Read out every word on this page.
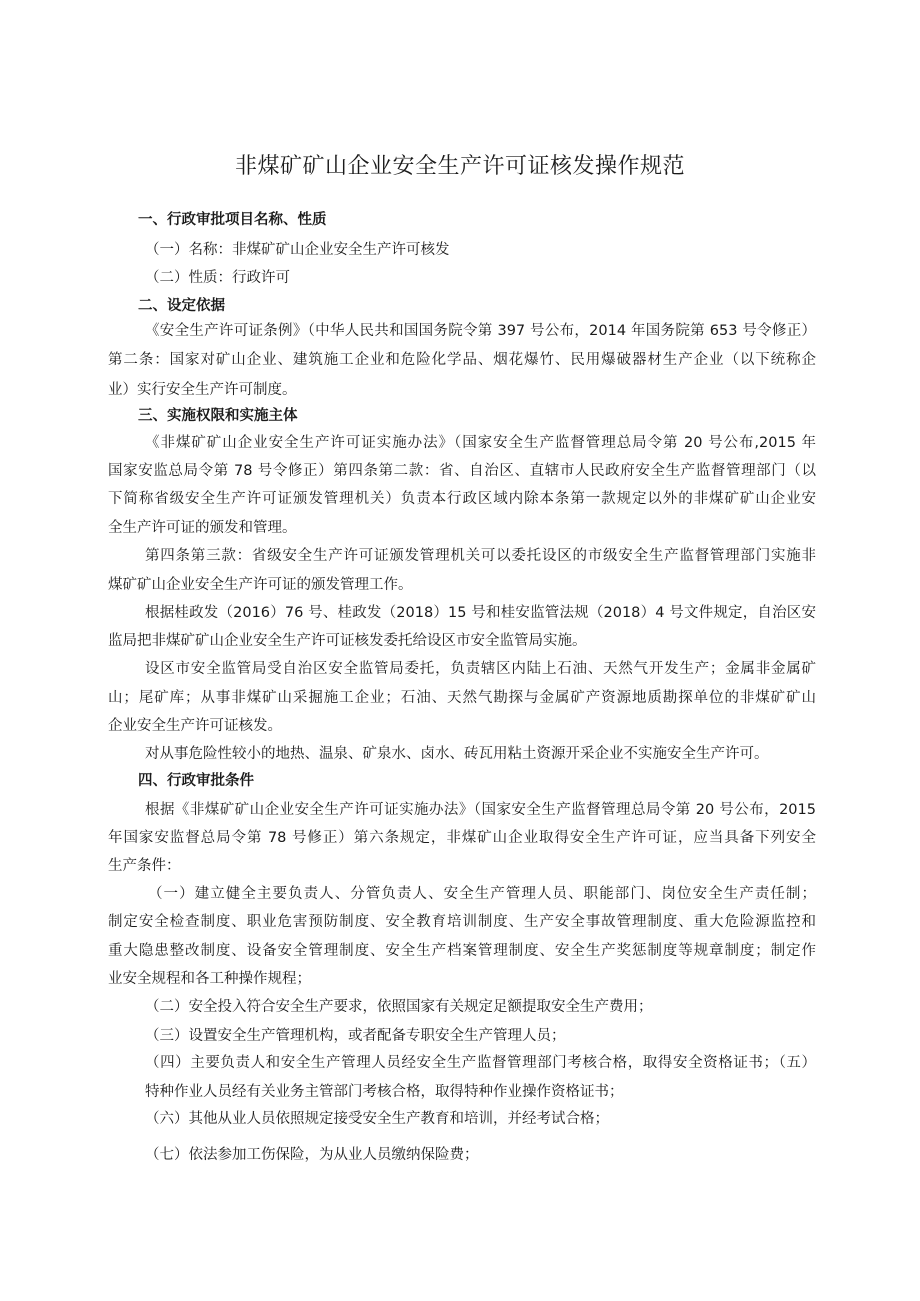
非煤矿矿山企业安全生产许可证核发操作规范

一、行政审批项目名称、性质

（一）名称：非煤矿矿山企业安全生产许可核发

（二）性质：行政许可

二、设定依据

《安全生产许可证条例》（中华人民共和国国务院令第 397 号公布，2014 年国务院第 653 号令修正）

第二条：国家对矿山企业、建筑施工企业和危险化学品、烟花爆竹、民用爆破器材生产企业（以下统称企

业）实行安全生产许可制度。

三、实施权限和实施主体

《非煤矿矿山企业安全生产许可证实施办法》（国家安全生产监督管理总局令第 20 号公布,2015 年

国家安监总局令第 78 号令修正）第四条第二款：省、自治区、直辖市人民政府安全生产监督管理部门（以

下简称省级安全生产许可证颁发管理机关）负责本行政区域内除本条第一款规定以外的非煤矿矿山企业安

全生产许可证的颁发和管理。

第四条第三款：省级安全生产许可证颁发管理机关可以委托设区的市级安全生产监督管理部门实施非

煤矿矿山企业安全生产许可证的颁发管理工作。

根据桂政发（2016）76 号、桂政发（2018）15 号和桂安监管法规（2018）4 号文件规定，自治区安

监局把非煤矿矿山企业安全生产许可证核发委托给设区市安全监管局实施。

设区市安全监管局受自治区安全监管局委托，负责辖区内陆上石油、天然气开发生产；金属非金属矿

山；尾矿库；从事非煤矿山采掘施工企业；石油、天然气勘探与金属矿产资源地质勘探单位的非煤矿矿山

企业安全生产许可证核发。

对从事危险性较小的地热、温泉、矿泉水、卤水、砖瓦用粘土资源开采企业不实施安全生产许可。

四、行政审批条件

根据《非煤矿矿山企业安全生产许可证实施办法》（国家安全生产监督管理总局令第 20 号公布，2015

年国家安监督总局令第 78 号修正）第六条规定，非煤矿山企业取得安全生产许可证，应当具备下列安全

生产条件：

（一）建立健全主要负责人、分管负责人、安全生产管理人员、职能部门、岗位安全生产责任制；

制定安全检查制度、职业危害预防制度、安全教育培训制度、生产安全事故管理制度、重大危险源监控和

重大隐患整改制度、设备安全管理制度、安全生产档案管理制度、安全生产奖惩制度等规章制度；制定作

业安全规程和各工种操作规程；

（二）安全投入符合安全生产要求，依照国家有关规定足额提取安全生产费用；

（三）设置安全生产管理机构，或者配备专职安全生产管理人员；

（四）主要负责人和安全生产管理人员经安全生产监督管理部门考核合格，取得安全资格证书；（五）

特种作业人员经有关业务主管部门考核合格，取得特种作业操作资格证书；

（六）其他从业人员依照规定接受安全生产教育和培训，并经考试合格；

（七）依法参加工伤保险，为从业人员缴纳保险费；
